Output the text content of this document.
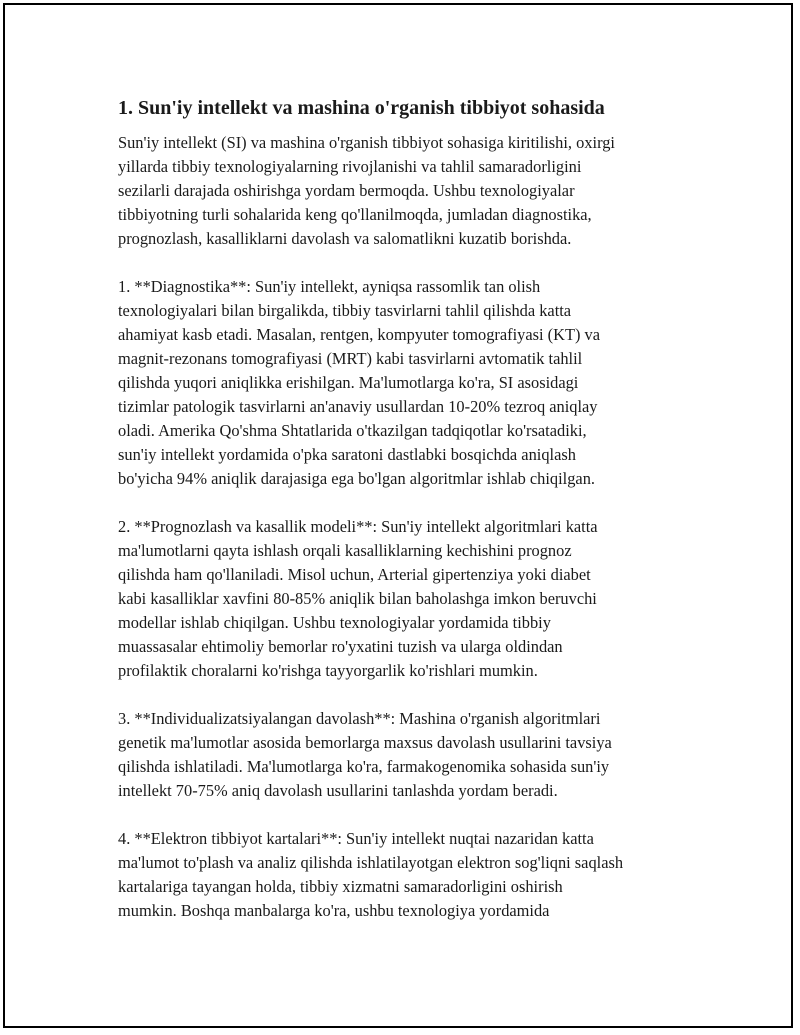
1. Sun'iy intellekt va mashina o'rganish tibbiyot sohasida
Sun'iy intellekt (SI) va mashina o'rganish tibbiyot sohasiga kiritilishi, oxirgi
yillarda tibbiy texnologiyalarning rivojlanishi va tahlil samaradorligini
sezilarli darajada oshirishga yordam bermoqda. Ushbu texnologiyalar
tibbiyotning turli sohalarida keng qo'llanilmoqda, jumladan diagnostika,
prognozlash, kasalliklarni davolash va salomatlikni kuzatib borishda.
1. **Diagnostika**: Sun'iy intellekt, ayniqsa rassomlik tan olish
texnologiyalari bilan birgalikda, tibbiy tasvirlarni tahlil qilishda katta
ahamiyat kasb etadi. Masalan, rentgen, kompyuter tomografiyasi (KT) va
magnit-rezonans tomografiyasi (MRT) kabi tasvirlarni avtomatik tahlil
qilishda yuqori aniqlikka erishilgan. Ma'lumotlarga ko'ra, SI asosidagi
tizimlar patologik tasvirlarni an'anaviy usullardan 10-20% tezroq aniqlay
oladi. Amerika Qo'shma Shtatlarida o'tkazilgan tadqiqotlar ko'rsatadiki,
sun'iy intellekt yordamida o'pka saratoni dastlabki bosqichda aniqlash
bo'yicha 94% aniqlik darajasiga ega bo'lgan algoritmlar ishlab chiqilgan.
2. **Prognozlash va kasallik modeli**: Sun'iy intellekt algoritmlari katta
ma'lumotlarni qayta ishlash orqali kasalliklarning kechishini prognoz
qilishda ham qo'llaniladi. Misol uchun, Arterial gipertenziya yoki diabet
kabi kasalliklar xavfini 80-85% aniqlik bilan baholashga imkon beruvchi
modellar ishlab chiqilgan. Ushbu texnologiyalar yordamida tibbiy
muassasalar ehtimoliy bemorlar ro'yxatini tuzish va ularga oldindan
profilaktik choralarni ko'rishga tayyorgarlik ko'rishlari mumkin.
3. **Individualizatsiyalangan davolash**: Mashina o'rganish algoritmlari
genetik ma'lumotlar asosida bemorlarga maxsus davolash usullarini tavsiya
qilishda ishlatiladi. Ma'lumotlarga ko'ra, farmakogenomika sohasida sun'iy
intellekt 70-75% aniq davolash usullarini tanlashda yordam beradi.
4. **Elektron tibbiyot kartalari**: Sun'iy intellekt nuqtai nazaridan katta
ma'lumot to'plash va analiz qilishda ishlatilayotgan elektron sog'liqni saqlash
kartalariga tayangan holda, tibbiy xizmatni samaradorligini oshirish
mumkin. Boshqa manbalarga ko'ra, ushbu texnologiya yordamida
